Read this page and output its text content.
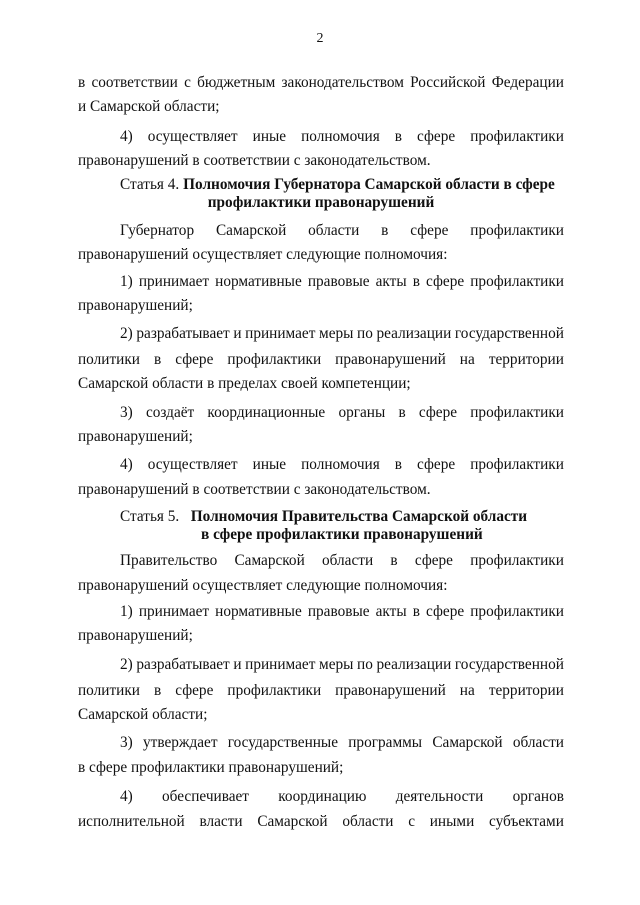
2
в соответствии с бюджетным законодательством Российской Федерации
и Самарской области;
4) осуществляет иные полномочия в сфере профилактики
правонарушений в соответствии с законодательством.
Статья 4. Полномочия Губернатора Самарской области в сфере
профилактики правонарушений
Губернатор Самарской области в сфере профилактики
правонарушений осуществляет следующие полномочия:
1) принимает нормативные правовые акты в сфере профилактики
правонарушений;
2) разрабатывает и принимает меры по реализации государственной
политики в сфере профилактики правонарушений на территории
Самарской области в пределах своей компетенции;
3) создаёт координационные органы в сфере профилактики
правонарушений;
4) осуществляет иные полномочия в сфере профилактики
правонарушений в соответствии с законодательством.
Статья 5. Полномочия Правительства Самарской области
в сфере профилактики правонарушений
Правительство Самарской области в сфере профилактики
правонарушений осуществляет следующие полномочия:
1) принимает нормативные правовые акты в сфере профилактики
правонарушений;
2) разрабатывает и принимает меры по реализации государственной
политики в сфере профилактики правонарушений на территории
Самарской области;
3) утверждает государственные программы Самарской области
в сфере профилактики правонарушений;
4) обеспечивает координацию деятельности органов
исполнительной власти Самарской области с иными субъектами
